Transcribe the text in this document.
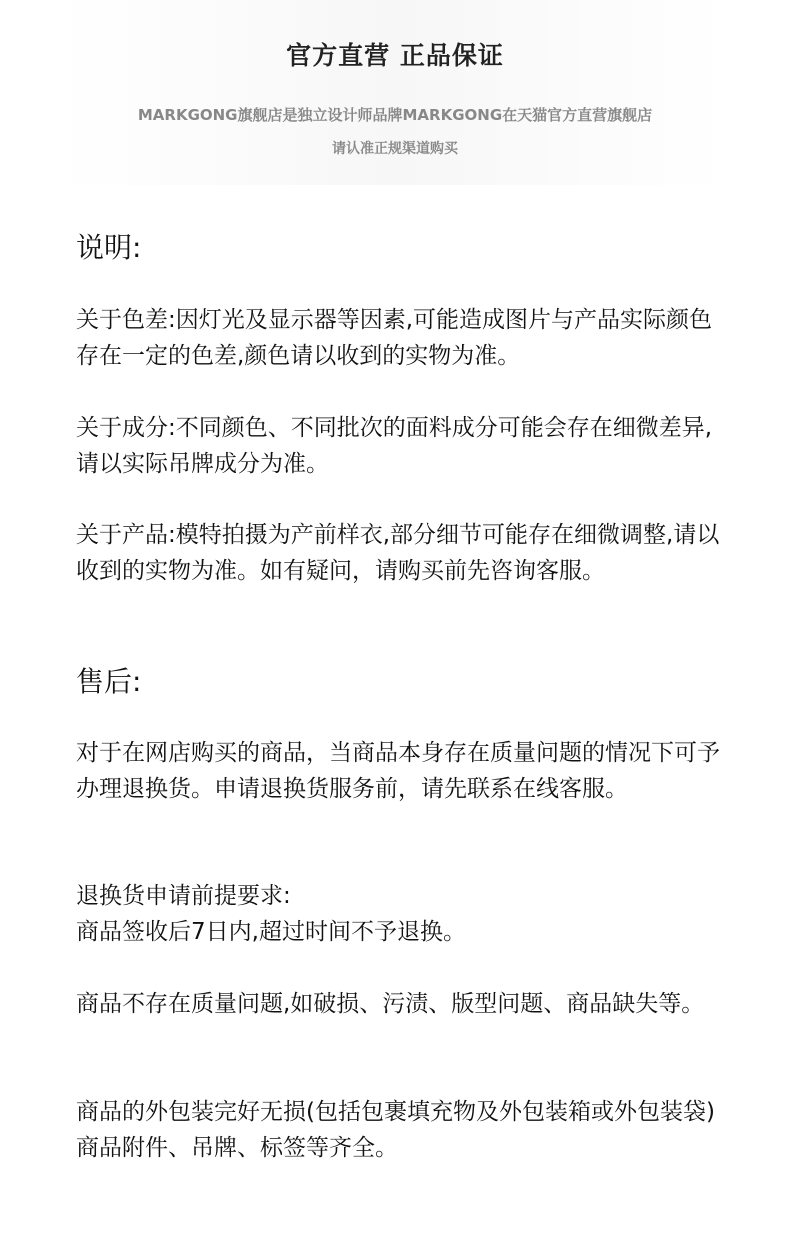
官方直营 正品保证
MARKGONG旗舰店是独立设计师品牌MARKGONG在天猫官方直营旗舰店
请认准正规渠道购买
说明:

关于色差:因灯光及显示器等因素,可能造成图片与产品实际颜色存在一定的色差,颜色请以收到的实物为准。

关于成分:不同颜色、不同批次的面料成分可能会存在细微差异,请以实际吊牌成分为准。

关于产品:模特拍摄为产前样衣,部分细节可能存在细微调整,请以收到的实物为准。如有疑问，请购买前先咨询客服。

售后:

对于在网店购买的商品，当商品本身存在质量问题的情况下可予办理退换货。申请退换货服务前，请先联系在线客服。

退换货申请前提要求:

商品签收后7日内,超过时间不予退换。

商品不存在质量问题,如破损、污渍、版型问题、商品缺失等。

商品的外包装完好无损(包括包裹填充物及外包装箱或外包装袋)商品附件、吊牌、标签等齐全。
